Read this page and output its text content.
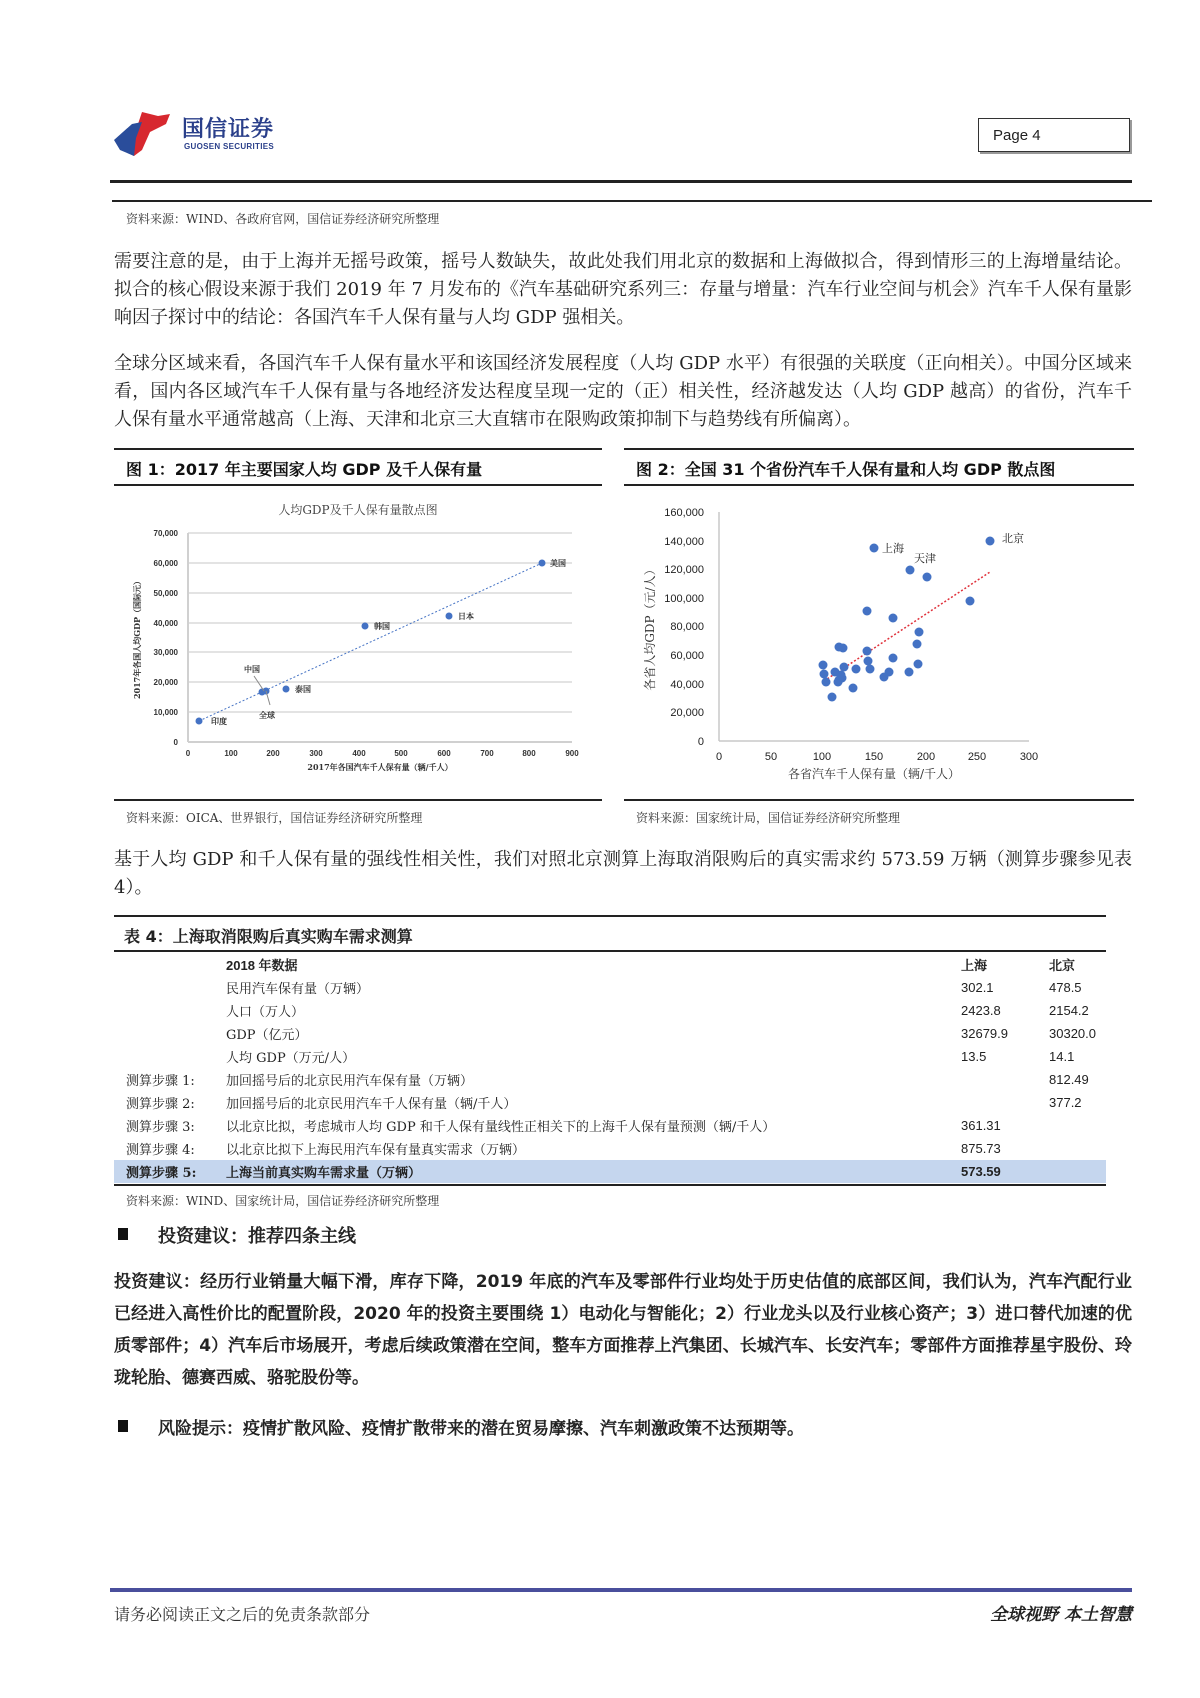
国信证券
GUOSEN SECURITIES
Page 4
资料来源：WIND、各政府官网，国信证券经济研究所整理
需要注意的是，由于上海并无摇号政策，摇号人数缺失，故此处我们用北京的数据和上海做拟合，得到情形三的上海增量结论。拟合的核心假设来源于我们 2019 年 7 月发布的《汽车基础研究系列三：存量与增量：汽车行业空间与机会》汽车千人保有量影响因子探讨中的结论：各国汽车千人保有量与人均 GDP 强相关。
全球分区域来看，各国汽车千人保有量水平和该国经济发展程度（人均 GDP 水平）有很强的关联度（正向相关）。中国分区域来看，国内各区域汽车千人保有量与各地经济发达程度呈现一定的（正）相关性，经济越发达（人均 GDP 越高）的省份，汽车千人保有量水平通常越高（上海、天津和北京三大直辖市在限购政策抑制下与趋势线有所偏离）。
图 1：2017 年主要国家人均 GDP 及千人保有量
人均GDP及千人保有量散点图
70,000
60,000
50,000
40,000
30,000
20,000
10,000
0
0	100	200	300	400	500	600	700	800	900
2017年各国汽车千人保有量（辆/千人）
2017年各国人均GDP（国际元）
印度
中国
全球
泰国
韩国
日本
美国
资料来源：OICA、世界银行，国信证券经济研究所整理
图 2：全国 31 个省份汽车千人保有量和人均 GDP 散点图
160,000
140,000
120,000
100,000
80,000
60,000
40,000
20,000
0
0	50	100	150	200	250	300
各省汽车千人保有量（辆/千人）
各省人均GDP（元/人）
北京
上海
天津
资料来源：国家统计局，国信证券经济研究所整理
基于人均 GDP 和千人保有量的强线性相关性，我们对照北京测算上海取消限购后的真实需求约 573.59 万辆（测算步骤参见表 4）。
表 4：上海取消限购后真实购车需求测算
	2018 年数据	上海	北京
	民用汽车保有量（万辆）	302.1	478.5
	人口（万人）	2423.8	2154.2
	GDP（亿元）	32679.9	30320.0
	人均 GDP（万元/人）	13.5	14.1
测算步骤 1:	加回摇号后的北京民用汽车保有量（万辆）		812.49
测算步骤 2:	加回摇号后的北京民用汽车千人保有量（辆/千人）		377.2
测算步骤 3:	以北京比拟，考虑城市人均 GDP 和千人保有量线性正相关下的上海千人保有量预测（辆/千人）	361.31	
测算步骤 4:	以北京比拟下上海民用汽车保有量真实需求（万辆）	875.73	
测算步骤 5:	上海当前真实购车需求量（万辆）	573.59	
资料来源：WIND、国家统计局，国信证券经济研究所整理
投资建议：推荐四条主线
投资建议：经历行业销量大幅下滑，库存下降，2019 年底的汽车及零部件行业均处于历史估值的底部区间，我们认为，汽车汽配行业已经进入高性价比的配置阶段，2020 年的投资主要围绕 1）电动化与智能化；2）行业龙头以及行业核心资产；3）进口替代加速的优质零部件；4）汽车后市场展开，考虑后续政策潜在空间，整车方面推荐上汽集团、长城汽车、长安汽车；零部件方面推荐星宇股份、玲珑轮胎、德赛西威、骆驼股份等。
风险提示：疫情扩散风险、疫情扩散带来的潜在贸易摩擦、汽车刺激政策不达预期等。
请务必阅读正文之后的免责条款部分	全球视野 本土智慧
